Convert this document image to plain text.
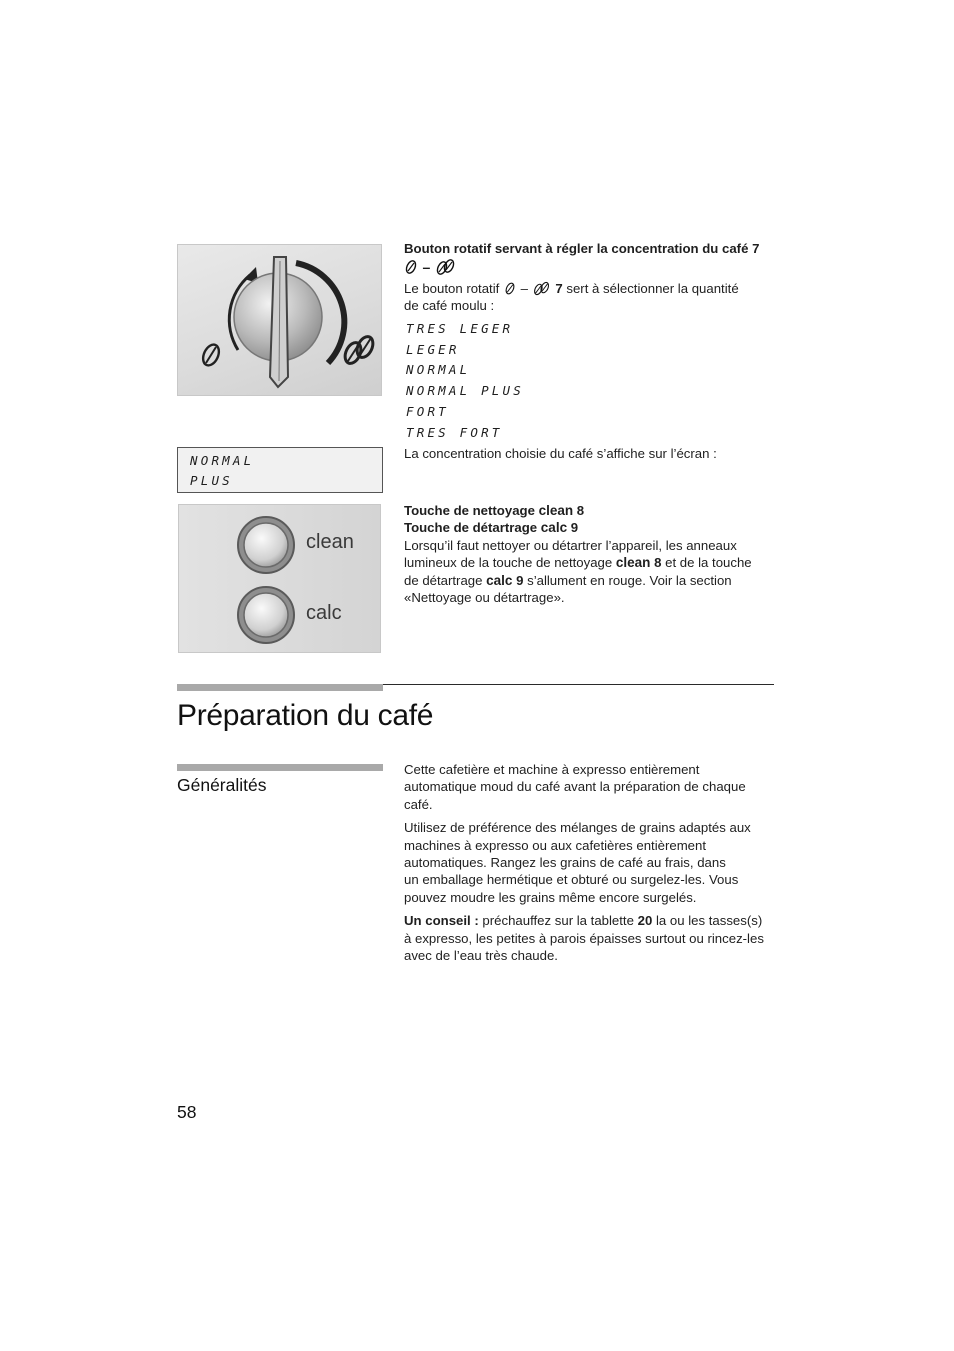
Bouton rotatif servant à régler la concentration du café 7
–
Le bouton rotatif – 7 sert à sélectionner la quantité
de café moulu :
TRES LEGER
LEGER
NORMAL
NORMAL PLUS
FORT
TRES FORT
NORMAL
PLUS
La concentration choisie du café s’affiche sur l’écran :
clean
calc
Touche de nettoyage clean 8
Touche de détartrage calc 9
Lorsqu’il faut nettoyer ou détartrer l’appareil, les anneaux
lumineux de la touche de nettoyage clean 8 et de la touche
de détartrage calc 9 s’allument en rouge. Voir la section
«Nettoyage ou détartrage».
Préparation du café
Généralités
Cette cafetière et machine à expresso entièrement
automatique moud du café avant la préparation de chaque
café.
Utilisez de préférence des mélanges de grains adaptés aux
machines à expresso ou aux cafetières entièrement
automatiques. Rangez les grains de café au frais, dans
un emballage hermétique et obturé ou surgelez-les. Vous
pouvez moudre les grains même encore surgelés.
Un conseil : préchauffez sur la tablette 20 la ou les tasses(s)
à expresso, les petites à parois épaisses surtout ou rincez-les
avec de l’eau très chaude.
58
